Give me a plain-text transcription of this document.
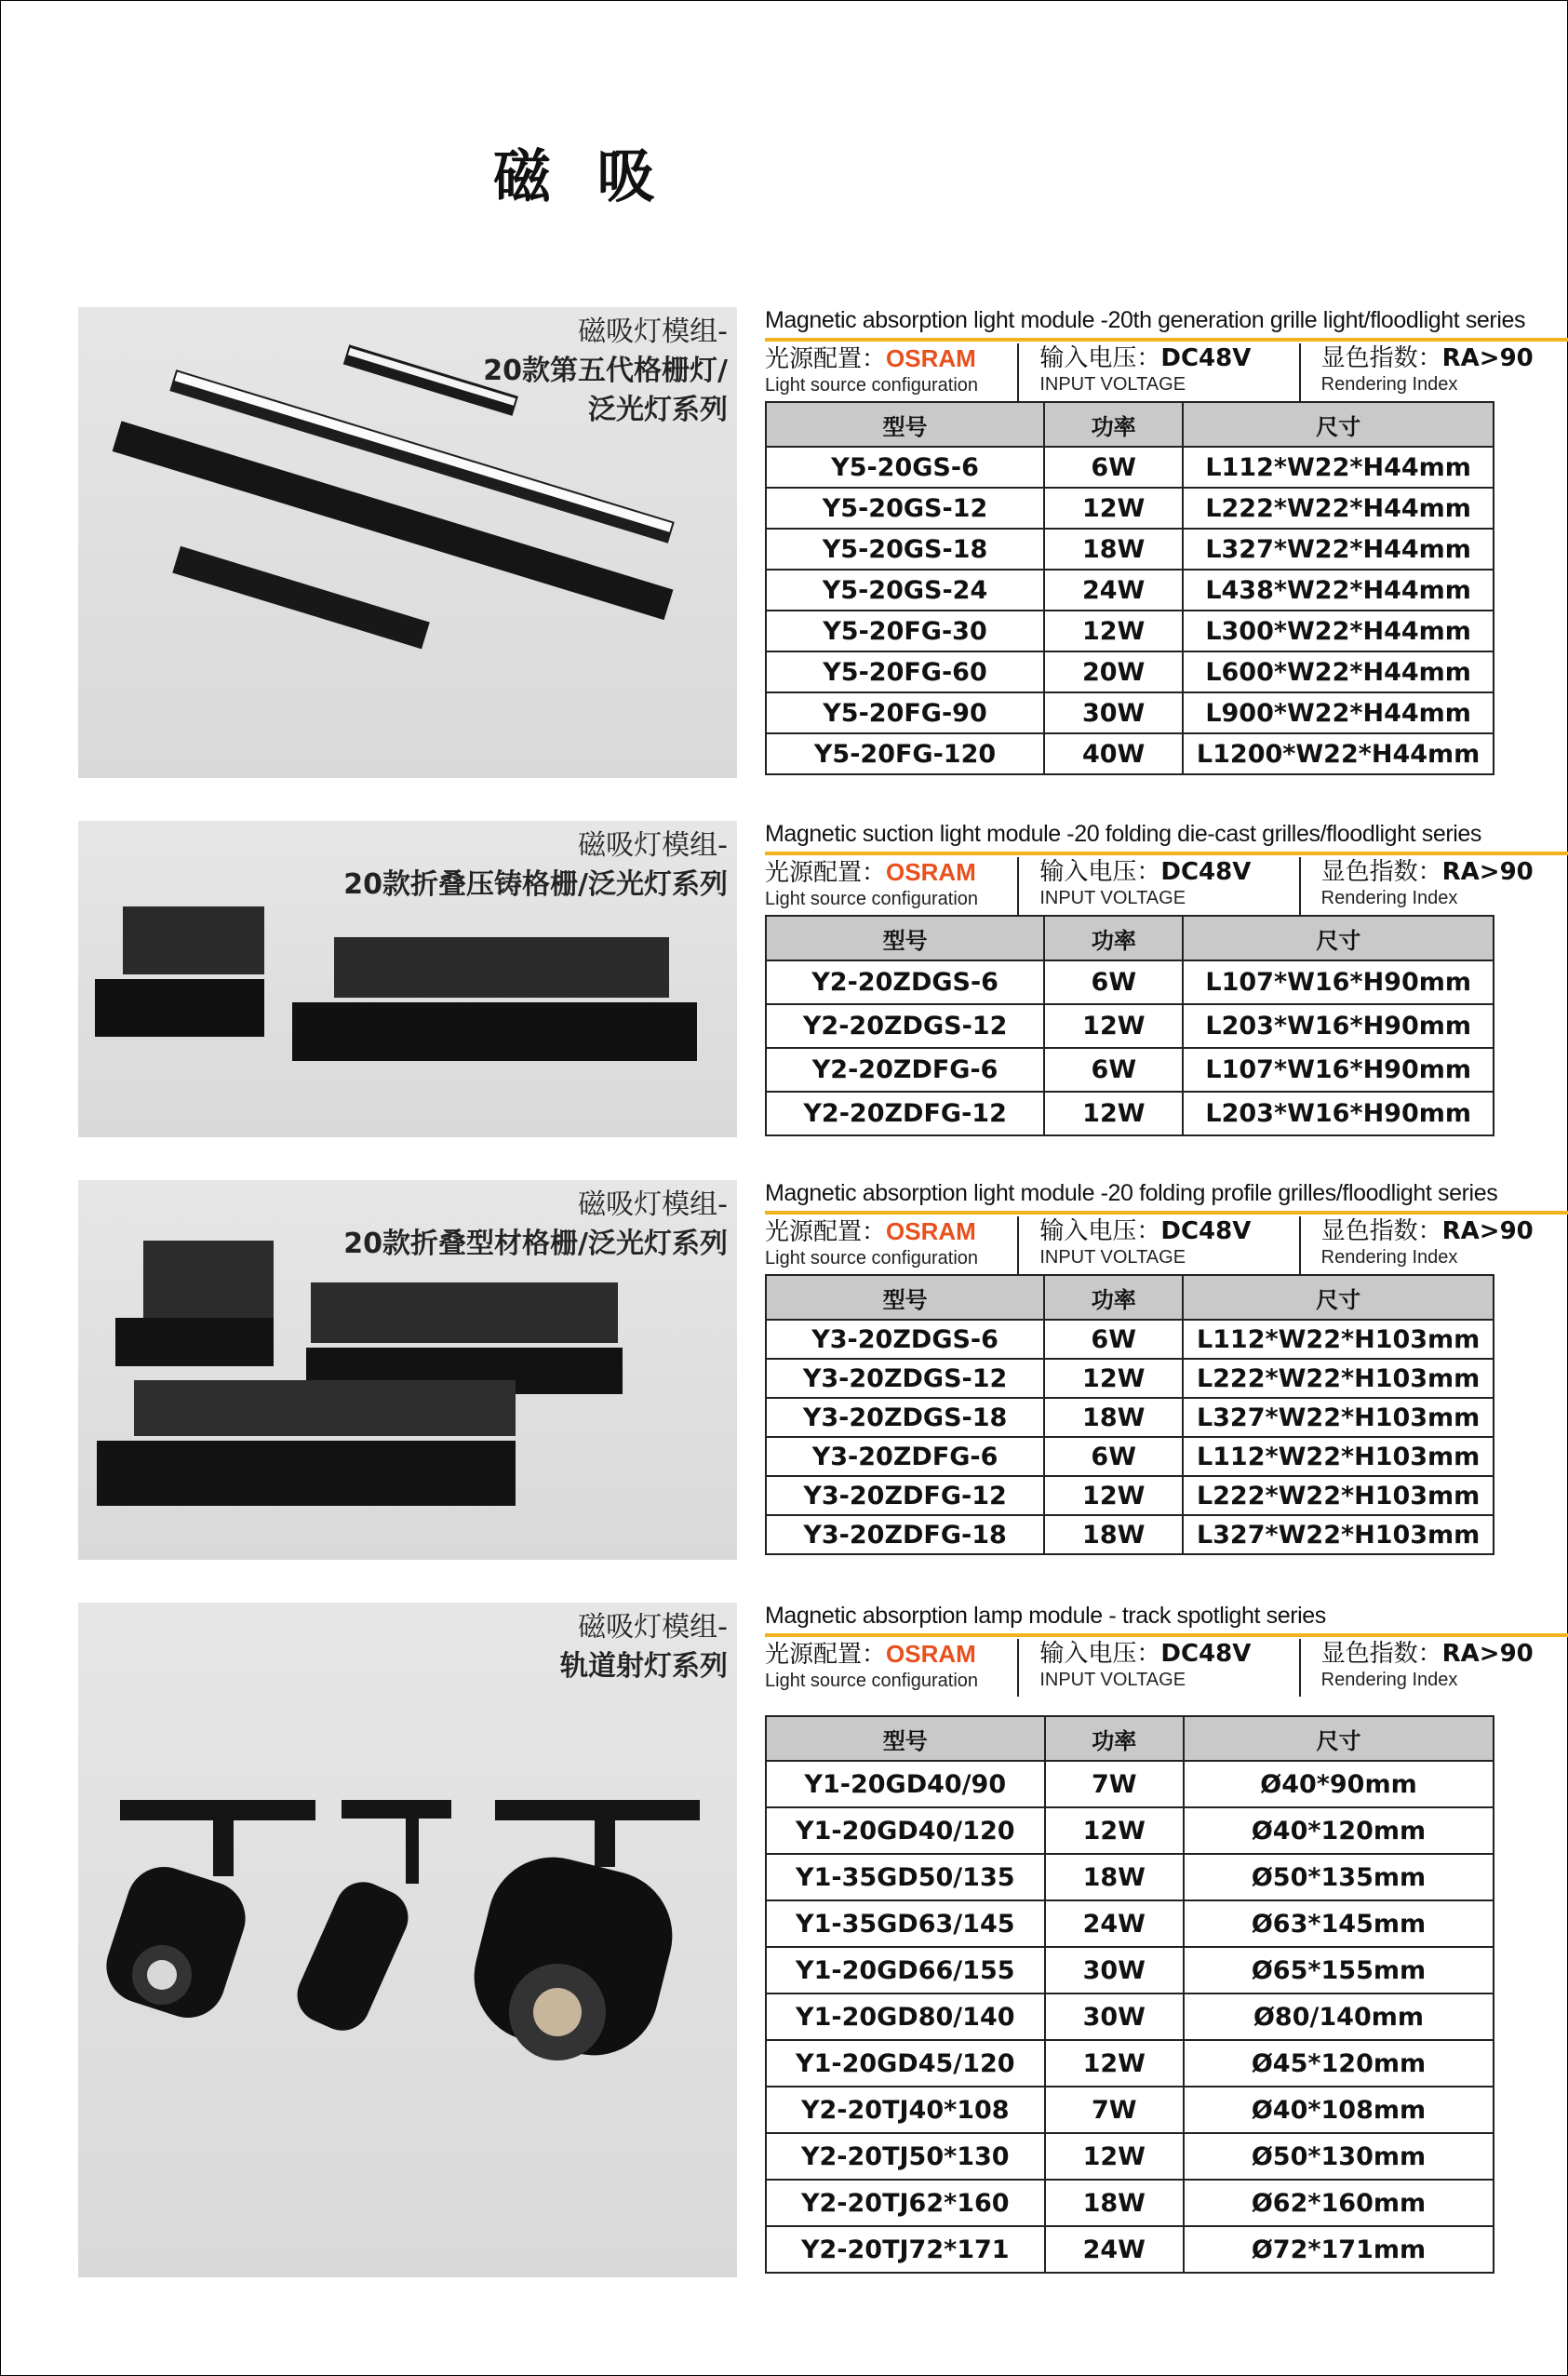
磁 吸
磁吸灯模组-
20款第五代格栅灯/
泛光灯系列
Magnetic absorption light module -20th generation grille light/floodlight series
光源配置：OSRAM
Light source configuration
输入电压：DC48V
INPUT VOLTAGE
显色指数：RA>90
Rendering Index
型号	功率	尺寸
Y5-20GS-6	6W	L112*W22*H44mm
Y5-20GS-12	12W	L222*W22*H44mm
Y5-20GS-18	18W	L327*W22*H44mm
Y5-20GS-24	24W	L438*W22*H44mm
Y5-20FG-30	12W	L300*W22*H44mm
Y5-20FG-60	20W	L600*W22*H44mm
Y5-20FG-90	30W	L900*W22*H44mm
Y5-20FG-120	40W	L1200*W22*H44mm
磁吸灯模组-
20款折叠压铸格栅/泛光灯系列
Magnetic suction light module -20 folding die-cast grilles/floodlight series
光源配置：OSRAM
Light source configuration
输入电压：DC48V
INPUT VOLTAGE
显色指数：RA>90
Rendering Index
型号	功率	尺寸
Y2-20ZDGS-6	6W	L107*W16*H90mm
Y2-20ZDGS-12	12W	L203*W16*H90mm
Y2-20ZDFG-6	6W	L107*W16*H90mm
Y2-20ZDFG-12	12W	L203*W16*H90mm
磁吸灯模组-
20款折叠型材格栅/泛光灯系列
Magnetic absorption light module -20 folding profile grilles/floodlight series
光源配置：OSRAM
Light source configuration
输入电压：DC48V
INPUT VOLTAGE
显色指数：RA>90
Rendering Index
型号	功率	尺寸
Y3-20ZDGS-6	6W	L112*W22*H103mm
Y3-20ZDGS-12	12W	L222*W22*H103mm
Y3-20ZDGS-18	18W	L327*W22*H103mm
Y3-20ZDFG-6	6W	L112*W22*H103mm
Y3-20ZDFG-12	12W	L222*W22*H103mm
Y3-20ZDFG-18	18W	L327*W22*H103mm
磁吸灯模组-
轨道射灯系列
Magnetic absorption lamp module - track spotlight series
光源配置：OSRAM
Light source configuration
输入电压：DC48V
INPUT VOLTAGE
显色指数：RA>90
Rendering Index
型号	功率	尺寸
Y1-20GD40/90	7W	Ø40*90mm
Y1-20GD40/120	12W	Ø40*120mm
Y1-35GD50/135	18W	Ø50*135mm
Y1-35GD63/145	24W	Ø63*145mm
Y1-20GD66/155	30W	Ø65*155mm
Y1-20GD80/140	30W	Ø80/140mm
Y1-20GD45/120	12W	Ø45*120mm
Y2-20TJ40*108	7W	Ø40*108mm
Y2-20TJ50*130	12W	Ø50*130mm
Y2-20TJ62*160	18W	Ø62*160mm
Y2-20TJ72*171	24W	Ø72*171mm
